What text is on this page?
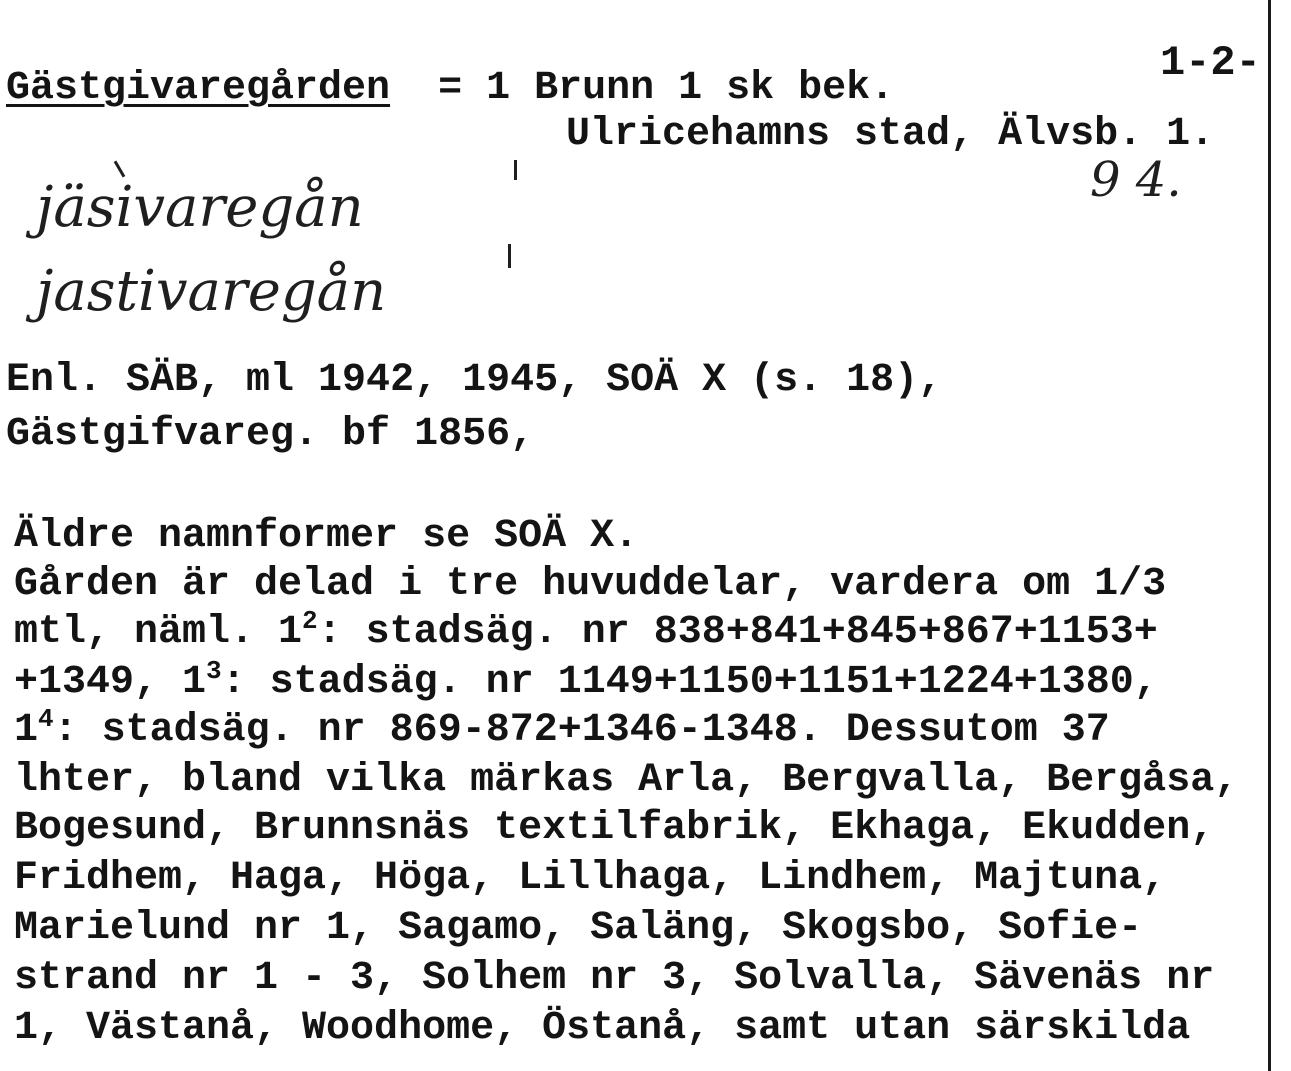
1-2-
Gästgivaregården = 1 Brunn 1 sk bek.
Ulricehamns stad, Älvsb. 1.
9 4.
jäsivaregån
jastivaregån
Enl. SÄB, ml 1942, 1945, SOÄ X (s. 18),
Gästgifvareg. bf 1856,
Äldre namnformer se SOÄ X.
Gården är delad i tre huvuddelar, vardera om 1/3
mtl, näml. $1^2$: stadsäg. nr 838+841+845+867+1153+
+1349, $1^3$: stadsäg. nr 1149+1150+1151+1224+1380,
$1^4$: stadsäg. nr 869-872+1346-1348. Dessutom 37
lhter, bland vilka märkas Arla, Bergvalla, Bergåsa,
Bogesund, Brunnsnäs textilfabrik, Ekhaga, Ekudden,
Fridhem, Haga, Höga, Lillhaga, Lindhem, Majtuna,
Marielund nr 1, Sagamo, Saläng, Skogsbo, Sofie-
strand nr 1 - 3, Solhem nr 3, Solvalla, Sävenäs nr
1, Västanå, Woodhome, Östanå, samt utan särskilda
